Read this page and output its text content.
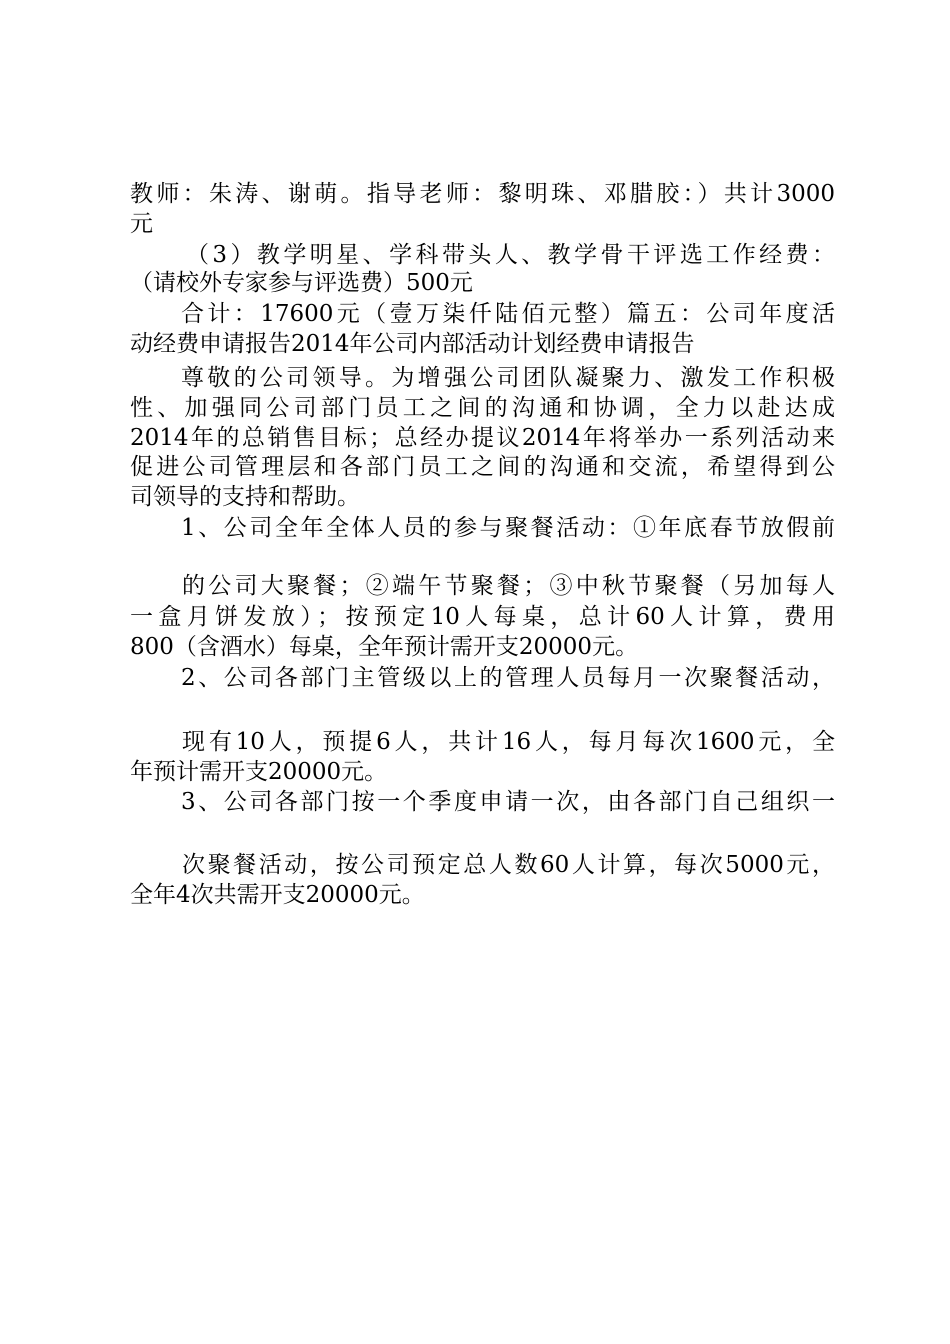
教师：朱涛、谢萌。指导老师：黎明珠、邓腊胶：）共计3000
元
（3）教学明星、学科带头人、教学骨干评选工作经费：
（请校外专家参与评选费）500元
合计：17600元（壹万柒仟陆佰元整）篇五：公司年度活
动经费申请报告2014年公司内部活动计划经费申请报告
尊敬的公司领导。为增强公司团队凝聚力、激发工作积极
性、加强同公司部门员工之间的沟通和协调，全力以赴达成
2014年的总销售目标；总经办提议2014年将举办一系列活动来
促进公司管理层和各部门员工之间的沟通和交流，希望得到公
司领导的支持和帮助。
1、公司全年全体人员的参与聚餐活动：①年底春节放假前
的公司大聚餐；②端午节聚餐；③中秋节聚餐（另加每人
一盒月饼发放）；按预定10人每桌，总计60人计算，费用
800（含酒水）每桌，全年预计需开支20000元。
2、公司各部门主管级以上的管理人员每月一次聚餐活动，
现有10人，预提6人，共计16人，每月每次1600元，全
年预计需开支20000元。
3、公司各部门按一个季度申请一次，由各部门自己组织一
次聚餐活动，按公司预定总人数60人计算，每次5000元，
全年4次共需开支20000元。
